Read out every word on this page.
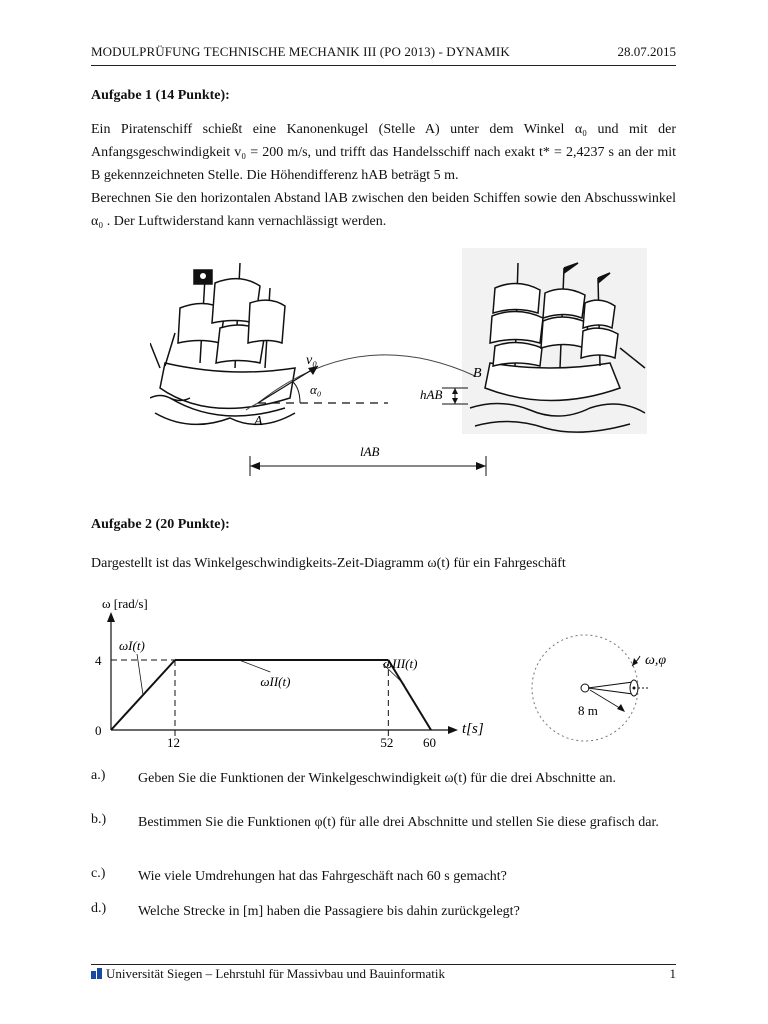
MODULPRÜFUNG TECHNISCHE MECHANIK III (PO 2013) - DYNAMIK	28.07.2015
Aufgabe 1 (14 Punkte):

Ein Piratenschiff schießt eine Kanonenkugel (Stelle A) unter dem Winkel α₀ und mit der Anfangsgeschwindigkeit v₀ = 200 m/s, und trifft das Handelsschiff nach exakt t* = 2,4237 s an der mit B gekennzeichneten Stelle. Die Höhendifferenz hAB beträgt 5 m.

Berechnen Sie den horizontalen Abstand lAB zwischen den beiden Schiffen sowie den Abschusswinkel α₀ . Der Luftwiderstand kann vernachlässigt werden.

v₀
α₀
A
B
hAB
lAB
Aufgabe 2 (20 Punkte):
Dargestellt ist das Winkelgeschwindigkeits-Zeit-Diagramm ω(t) für ein Fahrgeschäft
ω [rad/s]
t[s]
0
4
12	52 60
ωI(t)
ωII(t)
ωIII(t)
8 m
ω,φ
a.) Geben Sie die Funktionen der Winkelgeschwindigkeit ω(t) für die drei Abschnitte an.
b.) Bestimmen Sie die Funktionen φ(t) für alle drei Abschnitte und stellen Sie diese grafisch dar.
c.) Wie viele Umdrehungen hat das Fahrgeschäft nach 60 s gemacht?
d.) Welche Strecke in [m] haben die Passagiere bis dahin zurückgelegt?
Universität Siegen – Lehrstuhl für Massivbau und Bauinformatik	1
